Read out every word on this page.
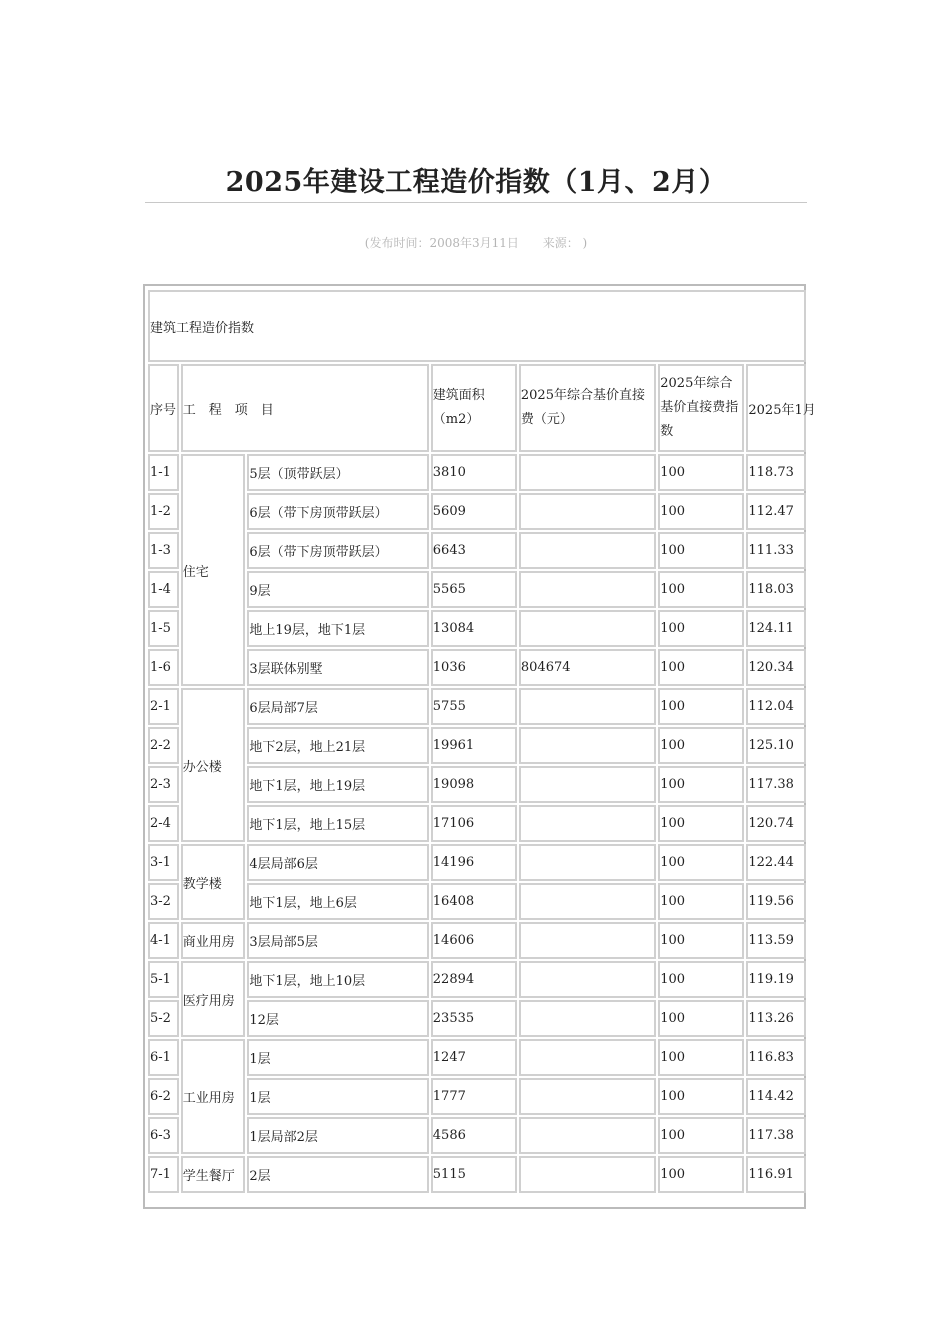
2025年建设工程造价指数（1月、2月）
(发布时间：2008年3月11日 来源： )
建筑工程造价指数						
序号	工　程　项　目		建筑面积（m2）	2025年综合基价直接费（元）	2025年综合基价直接费指数	2025年1月
1-1	住宅	5层（顶带跃层）	3810		100	118.73
1-2		6层（带下房顶带跃层）	5609		100	112.47
1-3		6层（带下房顶带跃层）	6643		100	111.33
1-4		9层	5565		100	118.03
1-5		地上19层，地下1层	13084		100	124.11
1-6		3层联体别墅	1036	804674	100	120.34
2-1	办公楼	6层局部7层	5755		100	112.04
2-2		地下2层，地上21层	19961		100	125.10
2-3		地下1层，地上19层	19098		100	117.38
2-4		地下1层，地上15层	17106		100	120.74
3-1	教学楼	4层局部6层	14196		100	122.44
3-2		地下1层，地上6层	16408		100	119.56
4-1	商业用房	3层局部5层	14606		100	113.59
5-1	医疗用房	地下1层，地上10层	22894		100	119.19
5-2		12层	23535		100	113.26
6-1	工业用房	1层	1247		100	116.83
6-2		1层	1777		100	114.42
6-3		1层局部2层	4586		100	117.38
7-1	学生餐厅	2层	5115		100	116.91
